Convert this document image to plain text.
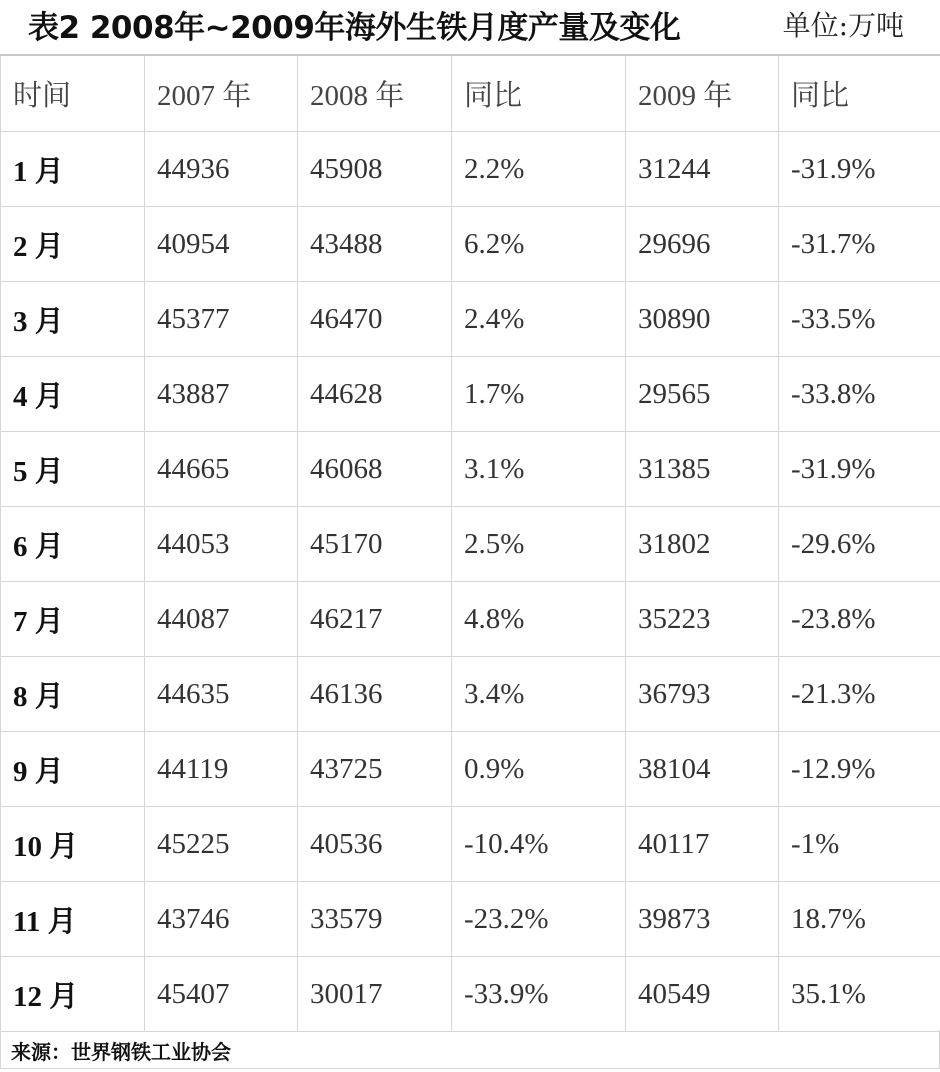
表2 2008年~2009年海外生铁月度产量及变化	单位:万吨
时间	2007 年	2008 年	同比	2009 年	同比
1 月	44936	45908	2.2%	31244	-31.9%
2 月	40954	43488	6.2%	29696	-31.7%
3 月	45377	46470	2.4%	30890	-33.5%
4 月	43887	44628	1.7%	29565	-33.8%
5 月	44665	46068	3.1%	31385	-31.9%
6 月	44053	45170	2.5%	31802	-29.6%
7 月	44087	46217	4.8%	35223	-23.8%
8 月	44635	46136	3.4%	36793	-21.3%
9 月	44119	43725	0.9%	38104	-12.9%
10 月	45225	40536	-10.4%	40117	-1%
11 月	43746	33579	-23.2%	39873	18.7%
12 月	45407	30017	-33.9%	40549	35.1%
来源：世界钢铁工业协会
